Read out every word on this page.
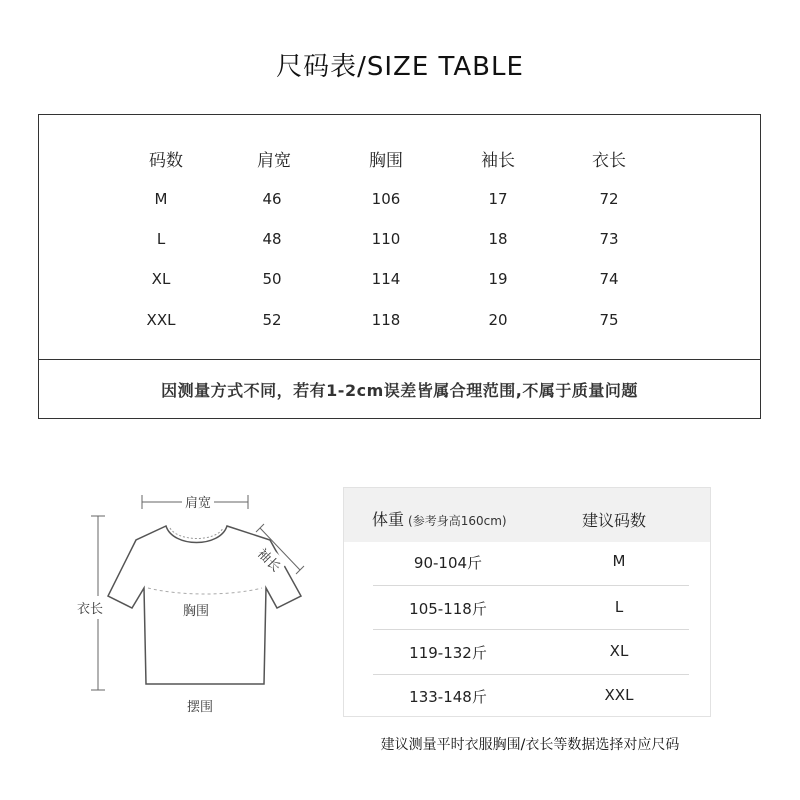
尺码表/SIZE TABLE
码数	肩宽	胸围	袖长	衣长
M	46	106	17	72
L	48	110	18	73
XL	50	114	19	74
XXL	52	118	20	75
因测量方式不同，若有1-2cm误差皆属合理范围,不属于质量问题
肩宽
袖长
衣长	胸围
摆围
体重 (参考身高160cm)	建议码数
90-104斤	M
105-118斤	L
119-132斤	XL
133-148斤	XXL
建议测量平时衣服胸围/衣长等数据选择对应尺码
